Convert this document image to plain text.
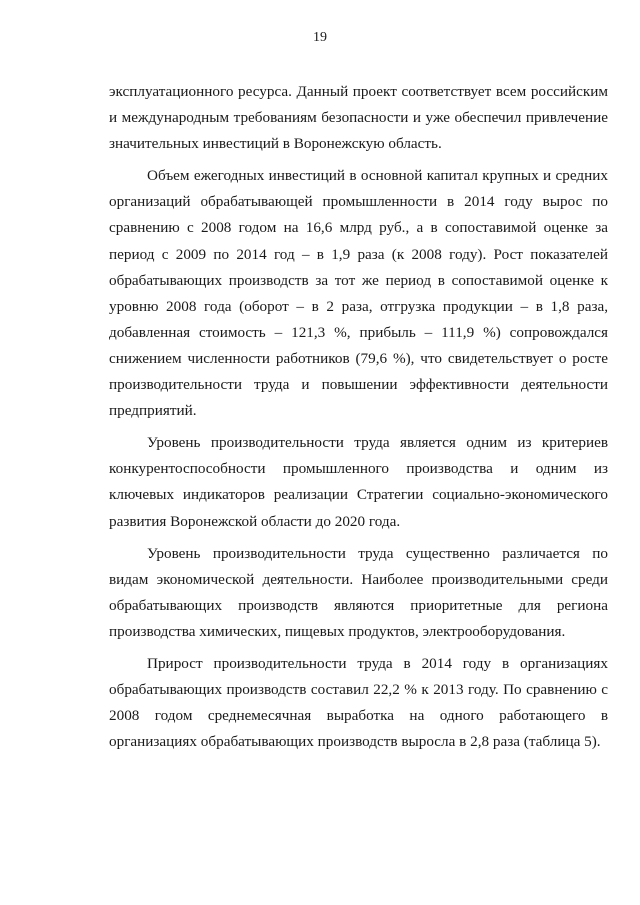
19

эксплуатационного ресурса. Данный проект соответствует всем российским и международным требованиям безопасности и уже обеспечил привлечение значительных инвестиций в Воронежскую область.

Объем ежегодных инвестиций в основной капитал крупных и средних организаций обрабатывающей промышленности в 2014 году вырос по сравнению с 2008 годом на 16,6 млрд руб., а в сопоставимой оценке за период с 2009 по 2014 год – в 1,9 раза (к 2008 году). Рост показателей обрабатывающих производств за тот же период в сопоставимой оценке к уровню 2008 года (оборот – в 2 раза, отгрузка продукции – в 1,8 раза, добавленная стоимость – 121,3 %, прибыль – 111,9 %) сопровождался снижением численности работников (79,6 %), что свидетельствует о росте производительности труда и повышении эффективности деятельности предприятий.

Уровень производительности труда является одним из критериев конкурентоспособности промышленного производства и одним из ключевых индикаторов реализации Стратегии социально-экономического развития Воронежской области до 2020 года.

Уровень производительности труда существенно различается по видам экономической деятельности. Наиболее производительными среди обрабатывающих производств являются приоритетные для региона производства химических, пищевых продуктов, электрооборудования.

Прирост производительности труда в 2014 году в организациях обрабатывающих производств составил 22,2 % к 2013 году. По сравнению с 2008 годом среднемесячная выработка на одного работающего в организациях обрабатывающих производств выросла в 2,8 раза (таблица 5).
